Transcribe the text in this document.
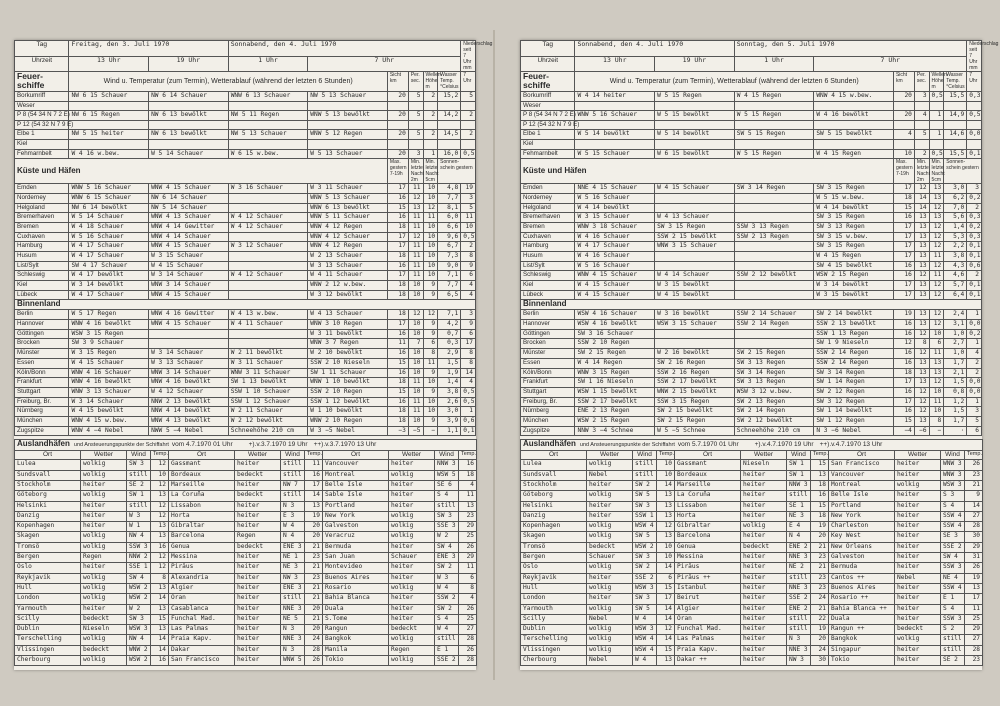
Tag	Freitag, den 3. Juli 1970		Sonnabend, den 4. Juli 1970						Niederschlag seit 7 Uhr mm
Uhrzeit	13 Uhr	19 Uhr	1 Uhr	7 Uhr					
Feuer-schiffe	Wind u. Temperatur (zum Termin), Wetterablauf (während der letzten 6 Stunden)				Sicht km	Per. sec.	Wellen-Höhe m	Wasser Temp. °Celsius	7 Uhr
Borkumriff	NW 6 15 Schauer	NW 6 14 Schauer	WNW 6 13 Schauer	NW 5 13 Schauer	20	5	2	15,2	5
Weser									
P 8 (54 34 N 7 2 E)	NW 6 15 Regen	NW 6 13 bewölkt	NW 5 11 Regen	WNW 5 13 bewölkt	20	5	2	14,2	2
P 12 (54 32 N 7 9 E)									
Elbe 1	NW 5 15 heiter	NW 6 13 bewölkt	NW 5 13 Schauer	WNW 5 12 Regen	20	5	2	14,5	2
Kiel									
Fehmarnbelt	W 4 16 w.bew.	W 5 14 Schauer	W 6 15 w.bew.	W 5 13 Schauer	20	3	1	16,0	0,5
Küste und Häfen					Max. gestern 7-19h	Min. letzte Nacht 2m	Min. letzte Nacht 5cm	Sonnen-schein gestern	
Emden	WNW 5 16 Schauer	WNW 4 15 Schauer	W 3 16 Schauer	W 3 11 Schauer	17	11	10	4,8	19
Norderney	WNW 6 15 Schauer	NW 6 14 Schauer		WNW 5 13 Schauer	16	12	10	7,7	3
Helgoland	NW 6 14 bewölkt	NW 5 14 Schauer		WNW 6 13 bewölkt	15	13	12	8,1	5
Bremerhaven	W 5 14 Schauer	WNW 4 13 Schauer	W 4 12 Schauer	WNW 5 11 Schauer	16	11	11	6,0	11
Bremen	W 4 18 Schauer	WNW 4 14 Gewitter	W 4 12 Schauer	WNW 4 12 Regen	18	11	10	6,6	10
Cuxhaven	W 5 16 Schauer	WNW 4 14 Schauer		WNW 4 12 Schauer	17	12	10	9,6	0,5
Hamburg	W 4 17 Schauer	WNW 4 15 Schauer	W 3 12 Schauer	WNW 4 12 Regen	17	11	10	6,7	2
Husum	W 4 17 Schauer	W 3 15 Schauer		W 2 13 Schauer	18	11	10	7,3	8
List/Sylt	SW 4 17 Schauer	W 4 15 Schauer		W 3 13 Schauer	16	11	10	9,0	9
Schleswig	W 4 17 bewölkt	W 3 14 Schauer	W 4 12 Schauer	W 4 11 Schauer	17	11	10	7,1	6
Kiel	W 3 14 bewölkt	WNW 3 14 Schauer		WNW 2 12 w.bew.	18	10	9	7,7	4
Lübeck	W 4 17 Schauer	WNW 4 15 Schauer		W 3 12 bewölkt	18	10	9	6,5	4
Binnenland									
Berlin	W 5 17 Regen	WNW 4 16 Gewitter	W 4 13 w.bew.	W 4 13 Schauer	18	12	12	7,1	3
Hannover	WNW 4 16 bewölkt	WNW 4 15 Schauer	W 4 11 Schauer	WNW 3 10 Regen	17	10	9	4,2	9
Göttingen	WSW 3 15 Regen			W 3 11 bewölkt	16	10	9	0,7	6
Brocken	SW 3 9 Schauer			WNW 3 7 Regen	11	7	6	0,3	17
Münster	W 3 15 Regen	W 3 14 Schauer	W 2 11 bewölkt	W 2 10 bewölkt	16	10	8	2,9	8
Essen	W 4 15 Schauer	W 3 13 Schauer	W 3 11 Schauer	SSW 2 10 Nieseln	15	10	11	1,5	8
Köln/Bonn	WNW 4 16 Schauer	WNW 3 14 Schauer	WNW 3 11 Schauer	SW 1 11 Schauer	16	10	9	1,9	14
Frankfurt	WNW 4 16 bewölkt	WNW 4 16 bewölkt	SW 1 13 bewölkt	WNW 1 10 bewölkt	18	11	10	1,4	4
Stuttgart	WNW 3 13 Schauer	W 4 12 Schauer	SSW 1 10 Schauer	SSW 2 10 Regen	15	10	9	3,8	0,5
Freiburg, Br.	W 3 14 Schauer	NNW 2 13 bewölkt	SSW 1 12 Schauer	SSW 1 12 bewölkt	16	11	10	2,6	0,5
Nürnberg	W 4 15 bewölkt	NNW 4 14 bewölkt	W 2 11 Schauer	W 1 10 bewölkt	18	11	10	3,0	1
München	WNW 4 15 w.bew.	WNW 4 13 bewölkt	W 2 12 bewölkt	WNW 2 10 Regen	18	10	9	3,9	0,6
Zugspitze	WNW 4 −4 Nebel	NWW 5 −4 Nebel	Schneehöhe 210 cm	W 3 −5 Nebel	−3	−5	−	1,1	0,1
Auslandhäfen und Ansteuerungspunkte der Schiffahrt vom 4.7.1970 01 Uhr +).v.3.7.1970 19 Uhr ++).v.3.7.1970 13 Uhr											
Ort	Wetter	Wind	Temp.	Ort	Wetter	Wind	Temp.	Ort	Wetter	Wind	Temp.
Lulea	wolkig	SW 3	12	Gassmant	heiter	still	11	Vancouver	heiter	NNW 3	16
Sundsvall	wolkig	still	10	Bordeaux	bedeckt	still	16	Montreal	wolkig	WSW 5	18
Stockholm	heiter	SE 2	12	Marseille	heiter	NW 7	17	Belle Isle	heiter	SE 6	4
Göteborg	wolkig	SW 1	13	La Coruña	bedeckt	still	14	Sable Isle	heiter	S 4	11
Helsinki	heiter	still	12	Lissabon	heiter	N 3	13	Portland	heiter	still	13
Danzig	heiter	W 3	12	Horta	heiter	E 3	19	New York	wolkig	SW 3	23
Kopenhagen	heiter	W 1	13	Gibraltar	heiter	W 4	20	Galveston	wolkig	SSE 3	29
Skagen	wolkig	NW 4	13	Barcelona	Regen	N 4	20	Veracruz	wolkig	W 2	25
Tromsö	wolkig	SSW 3	16	Genua	bedeckt	ENE 3	21	Bermuda	heiter	SW 4	26
Bergen	Regen	NNW 2	12	Messina	heiter	NE 1	23	San Juan	Schauer	ENE 3	29
Oslo	heiter	SSE 1	12	Piräus	heiter	NE 3	21	Montevideo	heiter	SW 2	11
Reykjavik	wolkig	SW 4	8	Alexandria	heiter	NW 3	23	Buenos Aires	heiter	W 3	6
Hull	wolkig	WSW 2	13	Algier	heiter	ENE 3	21	Rosario	wolkig	W 4	8
London	wolkig	WSW 2	14	Oran	heiter	still	21	Bahia Blanca	heiter	SSW 2	4
Yarmouth	heiter	W 2	13	Casablanca	heiter	NNE 3	20	Duala	heiter	SW 2	26
Scilly	bedeckt	SW 3	15	Funchal Mad.	heiter	NE 5	21	S.Tome	heiter	S 4	25
Dublin	Nieseln	WSW 3	13	Las Palmas	heiter	N 3	20	Rangun	bedeckt	W 4	27
Terschelling	wolkig	NW 4	14	Praia Kapv.	heiter	NNE 3	24	Bangkok	wolkig	still	28
Vlissingen	bedeckt	WNW 2	14	Dakar	heiter	N 3	28	Manila	Regen	E 1	26
Cherbourg	wolkig	WSW 2	16	San Francisco	heiter	WNW 5	26	Tokio	wolkig	SSE 2	28
Tag	Sonnabend, den 4. Juli 1970		Sonntag, den 5. Juli 1970						Niederschlag seit 7 Uhr mm
Uhrzeit	13 Uhr	19 Uhr	1 Uhr	7 Uhr					
Feuer-schiffe	Wind u. Temperatur (zum Termin), Wetterablauf (während der letzten 6 Stunden)				Sicht km	Per. sec.	Wellen-Höhe m	Wasser Temp. °Celsius	7 Uhr
Borkumriff	W 4 14 heiter	W 5 15 Regen	W 4 15 Regen	WNW 4 15 w.bew.	20	3	0,5	15,5	0,3
Weser									
P 8 (54 34 N 7 2 E)	WNW 5 16 Schauer	W 5 15 bewölkt	W 5 15 Regen	W 4 16 bewölkt	20	4	1	14,9	0,5
P 12 (54 32 N 7 9 E)									
Elbe 1	W 5 14 bewölkt	W 5 14 bewölkt	SW 5 15 Regen	SW 5 15 bewölkt	4	5	1	14,6	0,0
Kiel									
Fehmarnbelt	W 5 15 Schauer	W 6 15 bewölkt	W 5 15 Regen	W 4 15 Regen	10	2	0,5	15,5	0,1
Küste und Häfen					Max. gestern 7-19h	Min. letzte Nacht 2m	Min. letzte Nacht 5cm	Sonnen-schein gestern	
Emden	NNE 4 15 Schauer	W 4 15 Schauer	SW 3 14 Regen	SW 3 15 Regen	17	12	13	3,0	3
Norderney	W 5 16 Schauer			W 5 15 w.bew.	18	14	13	6,2	0,2
Helgoland	W 4 14 bewölkt			W 4 14 bewölkt	15	14	12	7,0	2
Bremerhaven	W 3 15 Schauer	W 4 13 Schauer		SW 3 15 Regen	16	13	13	5,6	0,3
Bremen	WNW 3 18 Schauer	SW 3 15 Regen	SSW 3 13 Regen	SW 3 13 Regen	17	13	12	1,4	0,2
Cuxhaven	W 4 16 Schauer	SSW 2 15 bewölkt	SSW 2 13 Regen	SW 3 15 w.bew.	17	13	12	5,3	0,3
Hamburg	W 4 17 Schauer	WNW 3 15 Schauer		SW 3 15 Regen	17	13	12	2,2	0,1
Husum	W 4 16 Schauer			W 4 15 Regen	17	13	11	3,8	0,1
List/Sylt	W 5 16 Schauer			SW 4 15 bewölkt	16	13	12	4,3	0,6
Schleswig	WNW 4 15 Schauer	W 4 14 Schauer	SSW 2 12 bewölkt	WSW 2 15 Regen	16	12	11	4,6	2
Kiel	W 4 15 Schauer	W 3 15 bewölkt		W 3 14 bewölkt	17	13	12	5,7	0,1
Lübeck	W 4 15 Schauer	W 4 15 bewölkt		W 3 15 bewölkt	17	13	12	6,4	0,1
Binnenland									
Berlin	WSW 4 16 Schauer	W 3 16 bewölkt	SSW 2 14 Schauer	SW 2 14 bewölkt	19	13	12	2,4	1
Hannover	WSW 4 16 bewölkt	WSW 3 15 Schauer	SSW 2 14 Regen	SSW 2 13 bewölkt	16	13	12	3,1	0,0
Göttingen	SW 3 16 Schauer			SSW 1 13 Regen	16	12	10	1,0	0,2
Brocken	SSW 2 10 Regen			SW 1 9 Nieseln	12	8	6	2,7	1
Münster	SW 2 15 Regen	W 2 16 bewölkt	SW 2 15 Regen	SSW 2 14 Regen	16	12	11	1,0	4
Essen	W 4 14 Regen	SW 2 16 Regen	SW 3 13 Regen	SSW 2 14 Regen	16	13	13	1,7	2
Köln/Bonn	WNW 3 15 Regen	SSW 2 16 Regen	SW 3 14 Regen	SW 3 14 Regen	18	13	13	2,1	2
Frankfurt	SW 1 16 Nieseln	SSW 2 17 bewölkt	SW 3 13 Regen	SW 1 14 Regen	17	13	12	1,5	0,0
Stuttgart	WSW 1 15 bewölkt	WNW 2 15 bewölkt	WSW 3 12 w.bew.	SW 2 12 Regen	16	12	10	0,8	0,0
Freiburg, Br.	SSW 2 17 bewölkt	SSW 3 15 Regen	SW 2 13 Regen	SW 3 12 Regen	17	12	11	1,2	1
Nürnberg	ENE 2 13 Regen	SW 2 15 bewölkt	SW 2 14 Regen	SW 1 14 bewölkt	16	12	10	1,5	3
München	WSW 2 15 Regen	SW 2 15 Regen	SW 2 12 bewölkt	SW 1 12 Regen	15	13	8	1,7	5
Zugspitze	NNW 3 −4 Schnee	W 5 −5 Schnee	Schneehöhe 210 cm	N 3 −6 Nebel	−4	−6	−	·	6
Auslandhäfen und Ansteuerungspunkte der Schiffahrt vom 5.7.1970 01 Uhr +).v.4.7.1970 19 Uhr ++).v.4.7.1970 13 Uhr											
Ort	Wetter	Wind	Temp.	Ort	Wetter	Wind	Temp.	Ort	Wetter	Wind	Temp.
Lulea	wolkig	still	10	Gassmant	Nieseln	SW 1	15	San Francisco	heiter	WNW 3	26
Sundsvall	Nebel	still	10	Bordeaux	heiter	SW 1	13	Vancouver	heiter	WNW 3	23
Stockholm	heiter	SW 2	14	Marseille	heiter	NNW 3	18	Montreal	wolkig	WSW 3	21
Göteborg	wolkig	SW 5	13	La Coruña	heiter	still	16	Belle Isle	heiter	S 3	9
Helsinki	heiter	SW 3	13	Lissabon	heiter	SE 1	15	Portland	heiter	S 4	14
Danzig	heiter	SSW 1	13	Horta	heiter	NE 3	18	New York	heiter	SSW 4	27
Kopenhagen	wolkig	WSW 4	12	Gibraltar	wolkig	E 4	19	Charleston	heiter	SSW 4	28
Skagen	wolkig	SW 5	13	Barcelona	heiter	N 4	20	Key West	heiter	SE 3	30
Tromsö	bedeckt	WSW 2	10	Genua	bedeckt	ENE 2	21	New Orleans	heiter	SSE 2	29
Bergen	Schauer	SW 3	10	Messina	heiter	NNE 3	23	Galveston	heiter	SW 4	31
Oslo	wolkig	SW 2	14	Piräus	heiter	NE 2	21	Bermuda	heiter	SSW 3	26
Reykjavik	heiter	SSE 2	6	Piräus ++	heiter	still	23	Cantos ++	Nebel	NE 4	19
Hull	wolkig	WSW 3	15	Istanbul	heiter	NNE 3	23	Buenos Aires	heiter	SSW 4	13
London	heiter	SW 3	17	Beirut	heiter	SSE 2	24	Rosario ++	heiter	E 1	17
Yarmouth	wolkig	SW 5	14	Algier	heiter	ENE 2	21	Bahia Blanca ++	heiter	S 4	11
Scilly	Nebel	W 4	14	Oran	heiter	still	22	Duala	heiter	SSW 3	25
Dublin	wolkig	WSW 3	12	Funchal Mad.	heiter	still	19	Rangun ++	bedeckt	S 2	29
Terschelling	wolkig	WSW 4	14	Las Palmas	heiter	N 3	20	Bangkok	wolkig	still	27
Vlissingen	wolkig	WSW 4	15	Praia Kapv.	heiter	NNE 3	24	Singapur	heiter	still	28
Cherbourg	Nebel	W 4	13	Dakar ++	heiter	NW 3	30	Tokio	heiter	SE 2	23
